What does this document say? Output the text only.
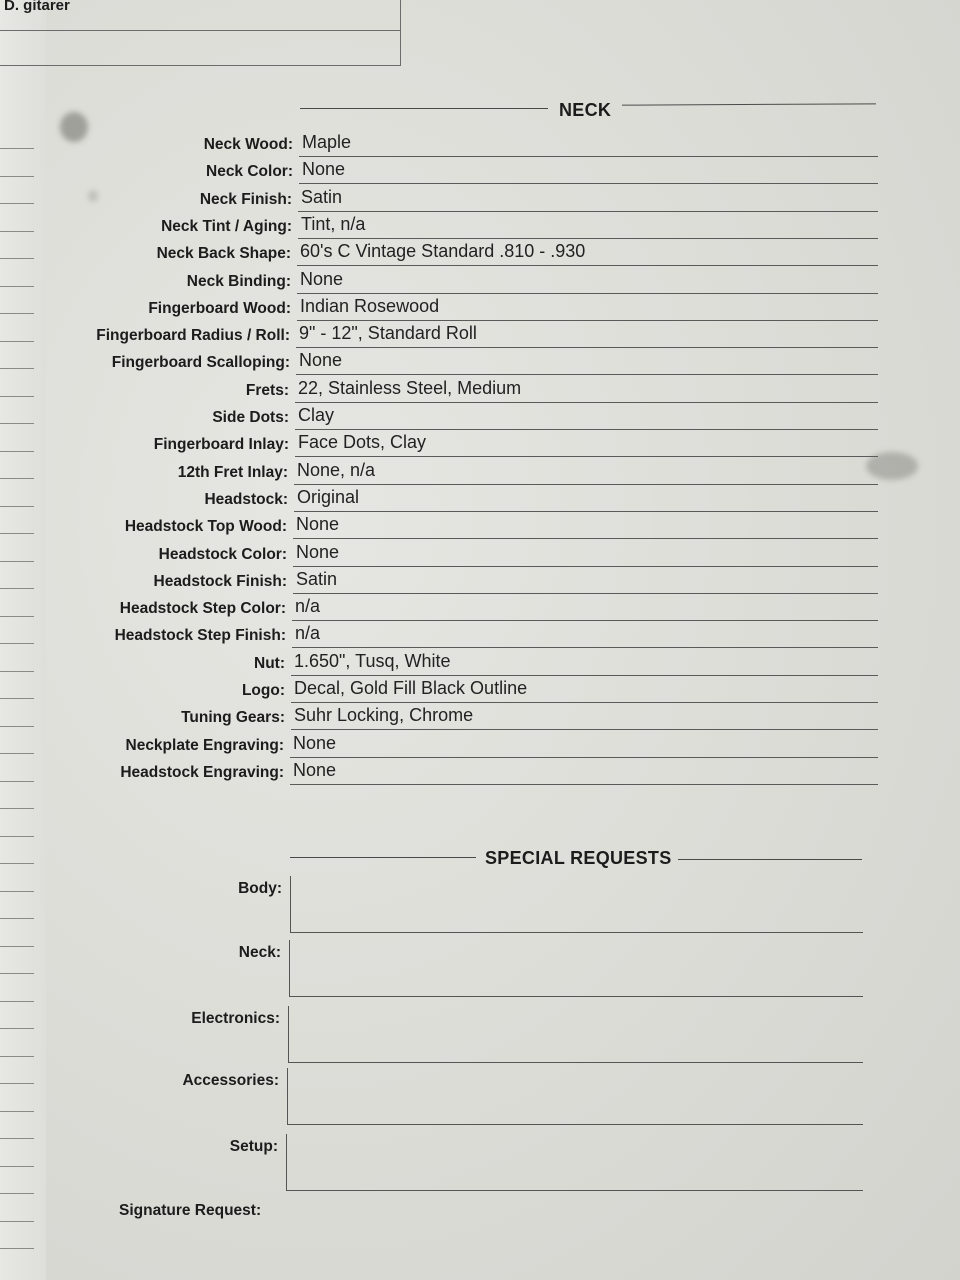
D. gitarer
NECK
Neck Wood: Maple
Neck Color: None
Neck Finish: Satin
Neck Tint / Aging: Tint, n/a
Neck Back Shape: 60's C Vintage Standard .810 - .930
Neck Binding: None
Fingerboard Wood: Indian Rosewood
Fingerboard Radius / Roll: 9" - 12", Standard Roll
Fingerboard Scalloping: None
Frets: 22, Stainless Steel, Medium
Side Dots: Clay
Fingerboard Inlay: Face Dots, Clay
12th Fret Inlay: None, n/a
Headstock: Original
Headstock Top Wood: None
Headstock Color: None
Headstock Finish: Satin
Headstock Step Color: n/a
Headstock Step Finish: n/a
Nut: 1.650", Tusq, White
Logo: Decal, Gold Fill Black Outline
Tuning Gears: Suhr Locking, Chrome
Neckplate Engraving: None
Headstock Engraving: None
SPECIAL REQUESTS
Body:
Neck:
Electronics:
Accessories:
Setup:
Signature Request:
